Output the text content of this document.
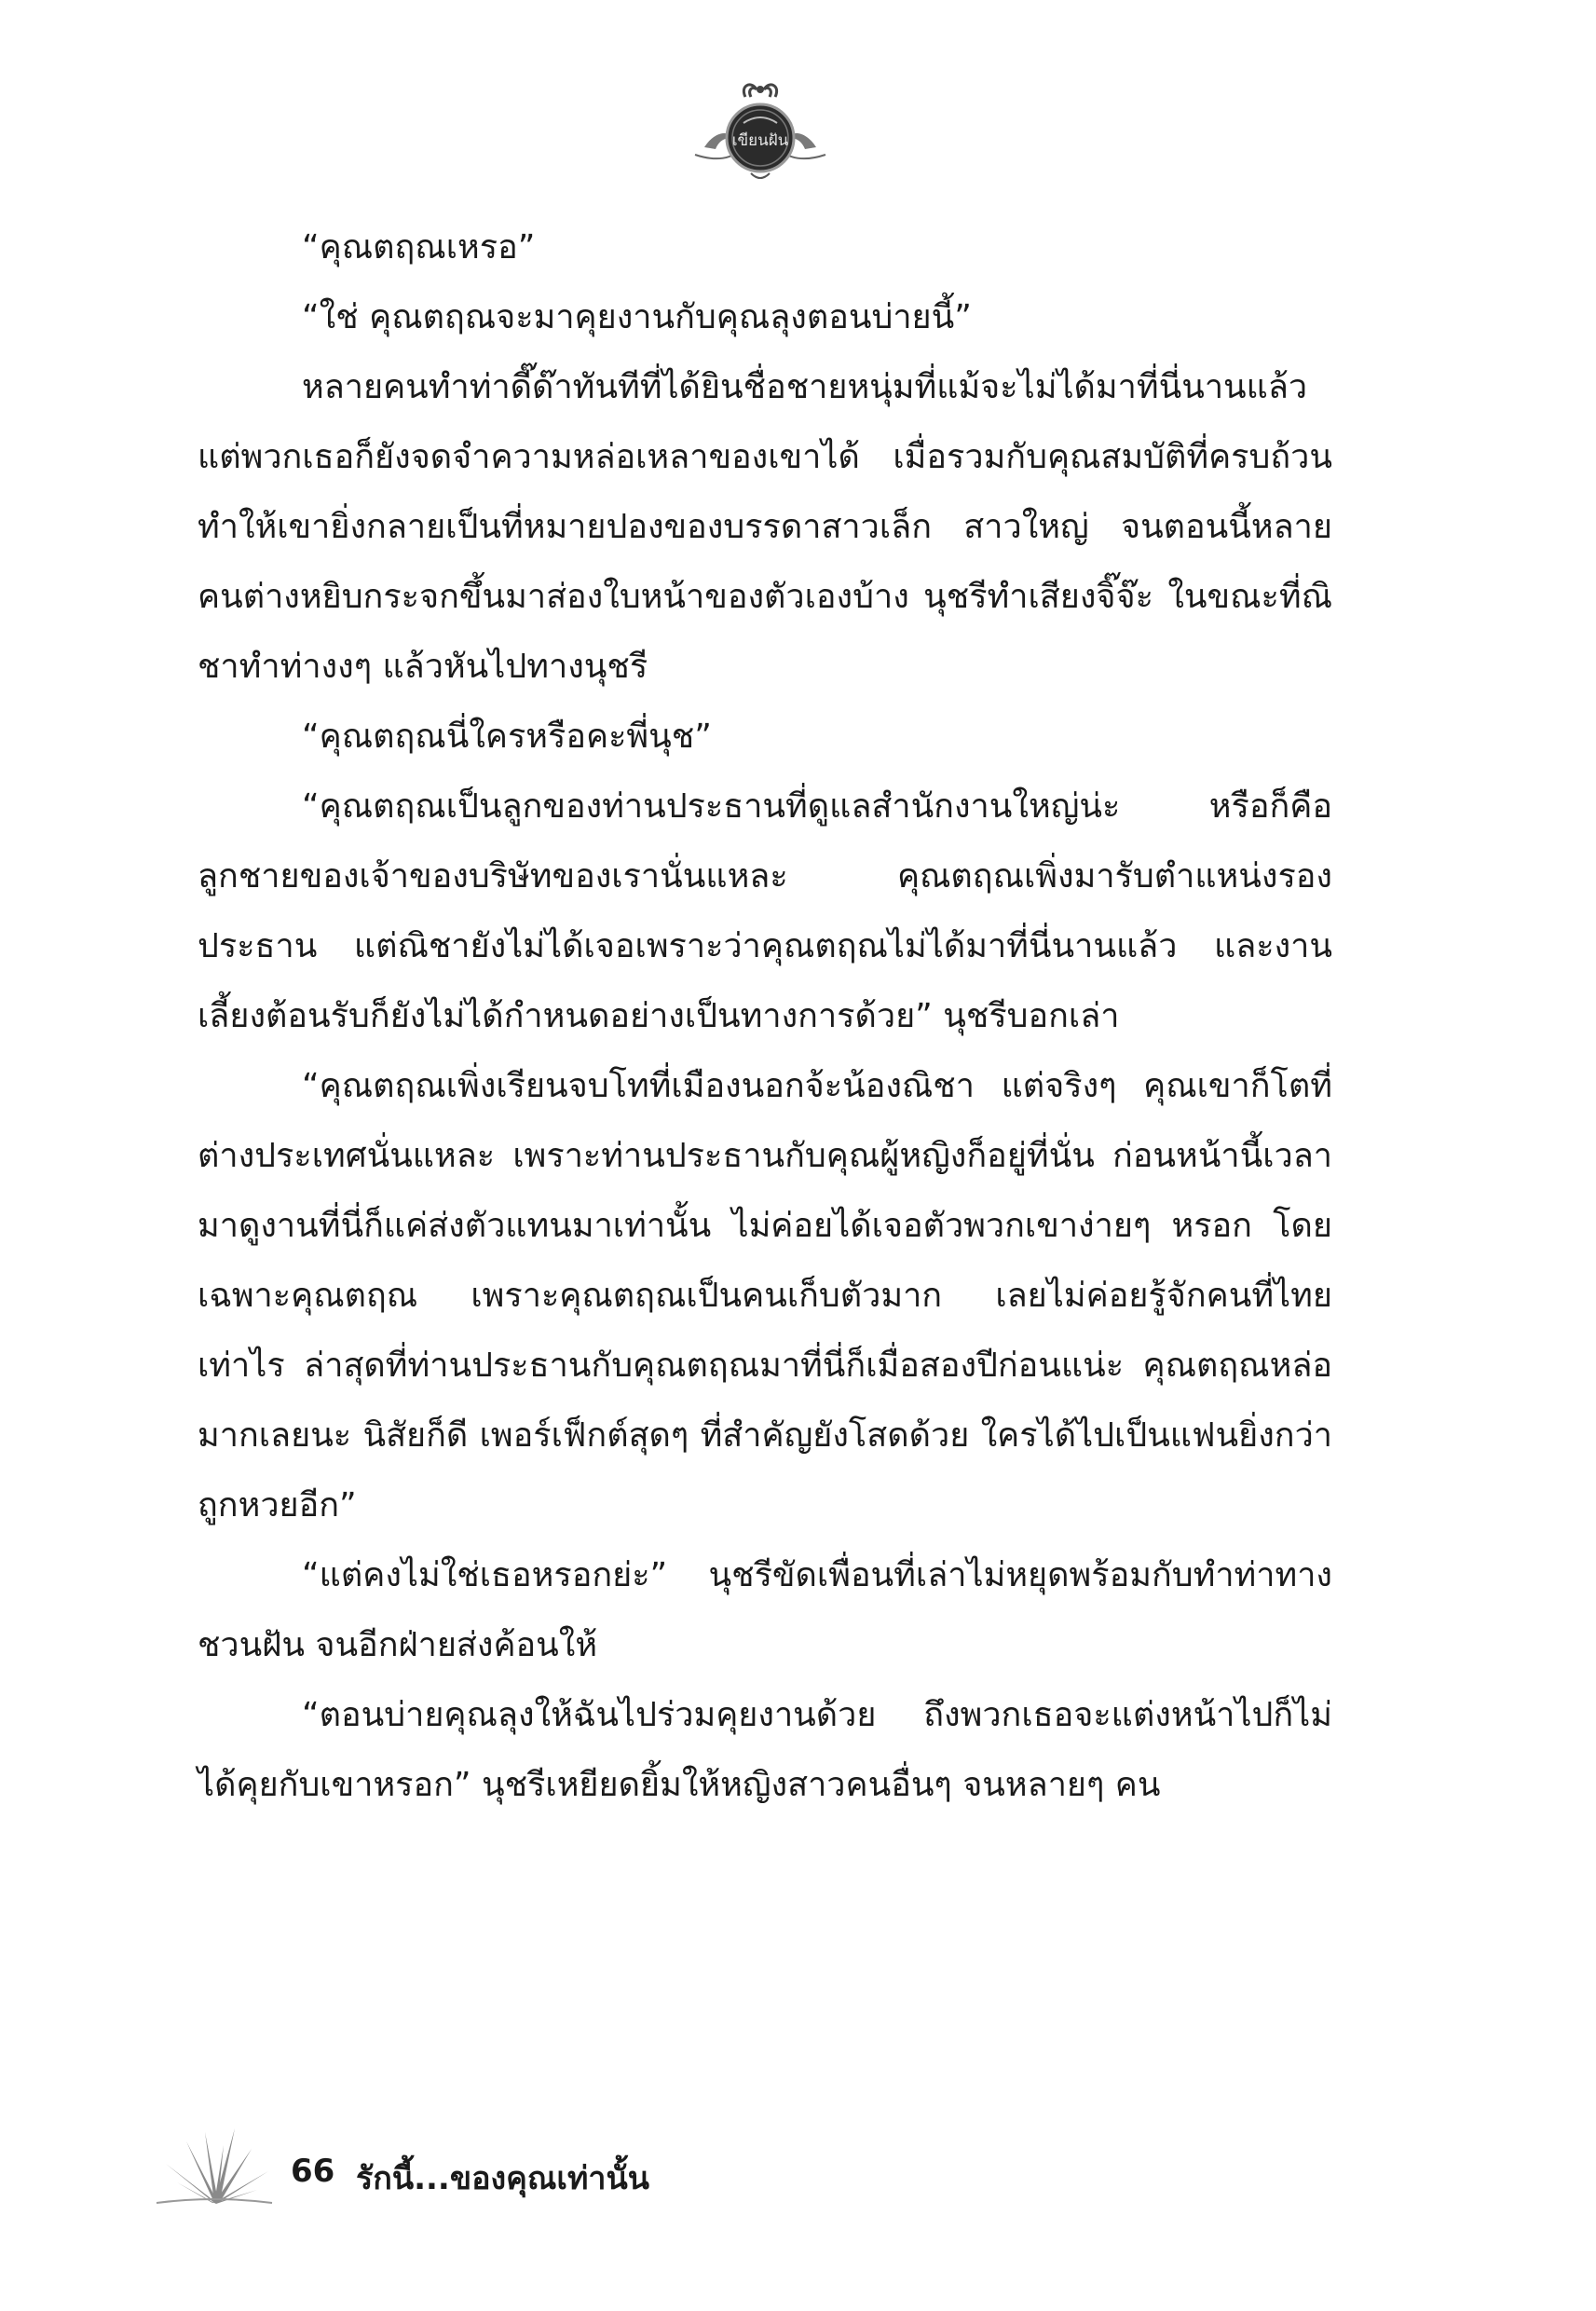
เขียนฝัน

“คุณตฤณเหรอ”

“ใช่ คุณตฤณจะมาคุยงานกับคุณลุงตอนบ่ายนี้”

หลายคนทำท่าดี๊ด๊าทันทีที่ได้ยินชื่อชายหนุ่มที่แม้จะไม่ได้มาที่นี่นานแล้วแต่พวกเธอก็ยังจดจำความหล่อเหลาของเขาได้ เมื่อรวมกับคุณสมบัติที่ครบถ้วนทำให้เขายิ่งกลายเป็นที่หมายปองของบรรดาสาวเล็ก สาวใหญ่ จนตอนนี้หลายคนต่างหยิบกระจกขึ้นมาส่องใบหน้าของตัวเองบ้าง นุชรีทำเสียงจิ๊จ๊ะ ในขณะที่ณิชาทำท่างงๆ แล้วหันไปทางนุชรี

“คุณตฤณนี่ใครหรือคะพี่นุช”

“คุณตฤณเป็นลูกของท่านประธานที่ดูแลสำนักงานใหญ่น่ะ หรือก็คือลูกชายของเจ้าของบริษัทของเรานั่นแหละ คุณตฤณเพิ่งมารับตำแหน่งรองประธาน แต่ณิชายังไม่ได้เจอเพราะว่าคุณตฤณไม่ได้มาที่นี่นานแล้ว และงานเลี้ยงต้อนรับก็ยังไม่ได้กำหนดอย่างเป็นทางการด้วย” นุชรีบอกเล่า

“คุณตฤณเพิ่งเรียนจบโทที่เมืองนอกจ้ะน้องณิชา แต่จริงๆ คุณเขาก็โตที่ต่างประเทศนั่นแหละ เพราะท่านประธานกับคุณผู้หญิงก็อยู่ที่นั่น ก่อนหน้านี้เวลามาดูงานที่นี่ก็แค่ส่งตัวแทนมาเท่านั้น ไม่ค่อยได้เจอตัวพวกเขาง่ายๆ หรอก โดยเฉพาะคุณตฤณ เพราะคุณตฤณเป็นคนเก็บตัวมาก เลยไม่ค่อยรู้จักคนที่ไทยเท่าไร ล่าสุดที่ท่านประธานกับคุณตฤณมาที่นี่ก็เมื่อสองปีก่อนแน่ะ คุณตฤณหล่อมากเลยนะ นิสัยก็ดี เพอร์เฟ็กต์สุดๆ ที่สำคัญยังโสดด้วย ใครได้ไปเป็นแฟนยิ่งกว่าถูกหวยอีก”

“แต่คงไม่ใช่เธอหรอกย่ะ” นุชรีขัดเพื่อนที่เล่าไม่หยุดพร้อมกับทำท่าทางชวนฝัน จนอีกฝ่ายส่งค้อนให้

“ตอนบ่ายคุณลุงให้ฉันไปร่วมคุยงานด้วย ถึงพวกเธอจะแต่งหน้าไปก็ไม่ได้คุยกับเขาหรอก” นุชรีเหยียดยิ้มให้หญิงสาวคนอื่นๆ จนหลายๆ คน

66 รักนี้...ของคุณเท่านั้น
